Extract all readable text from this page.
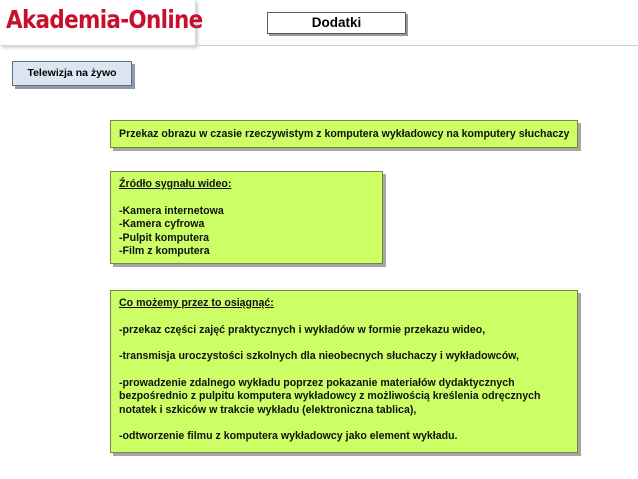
Akademia-Online	Dodatki
Telewizja na żywo
Przekaz obrazu w czasie rzeczywistym z komputera wykładowcy na komputery słuchaczy
Źródło sygnału wideo:
-Kamera internetowa
-Kamera cyfrowa
-Pulpit komputera
-Film z komputera
Co możemy przez to osiągnąć:
-przekaz części zajęć praktycznych i wykładów w formie przekazu wideo,
-transmisja uroczystości szkolnych dla nieobecnych słuchaczy i wykładowców,
-prowadzenie zdalnego wykładu poprzez pokazanie materiałów dydaktycznych
bezpośrednio z pulpitu komputera wykładowcy z możliwością kreślenia odręcznych
notatek i szkiców w trakcie wykładu (elektroniczna tablica),
-odtworzenie filmu z komputera wykładowcy jako element wykładu.
